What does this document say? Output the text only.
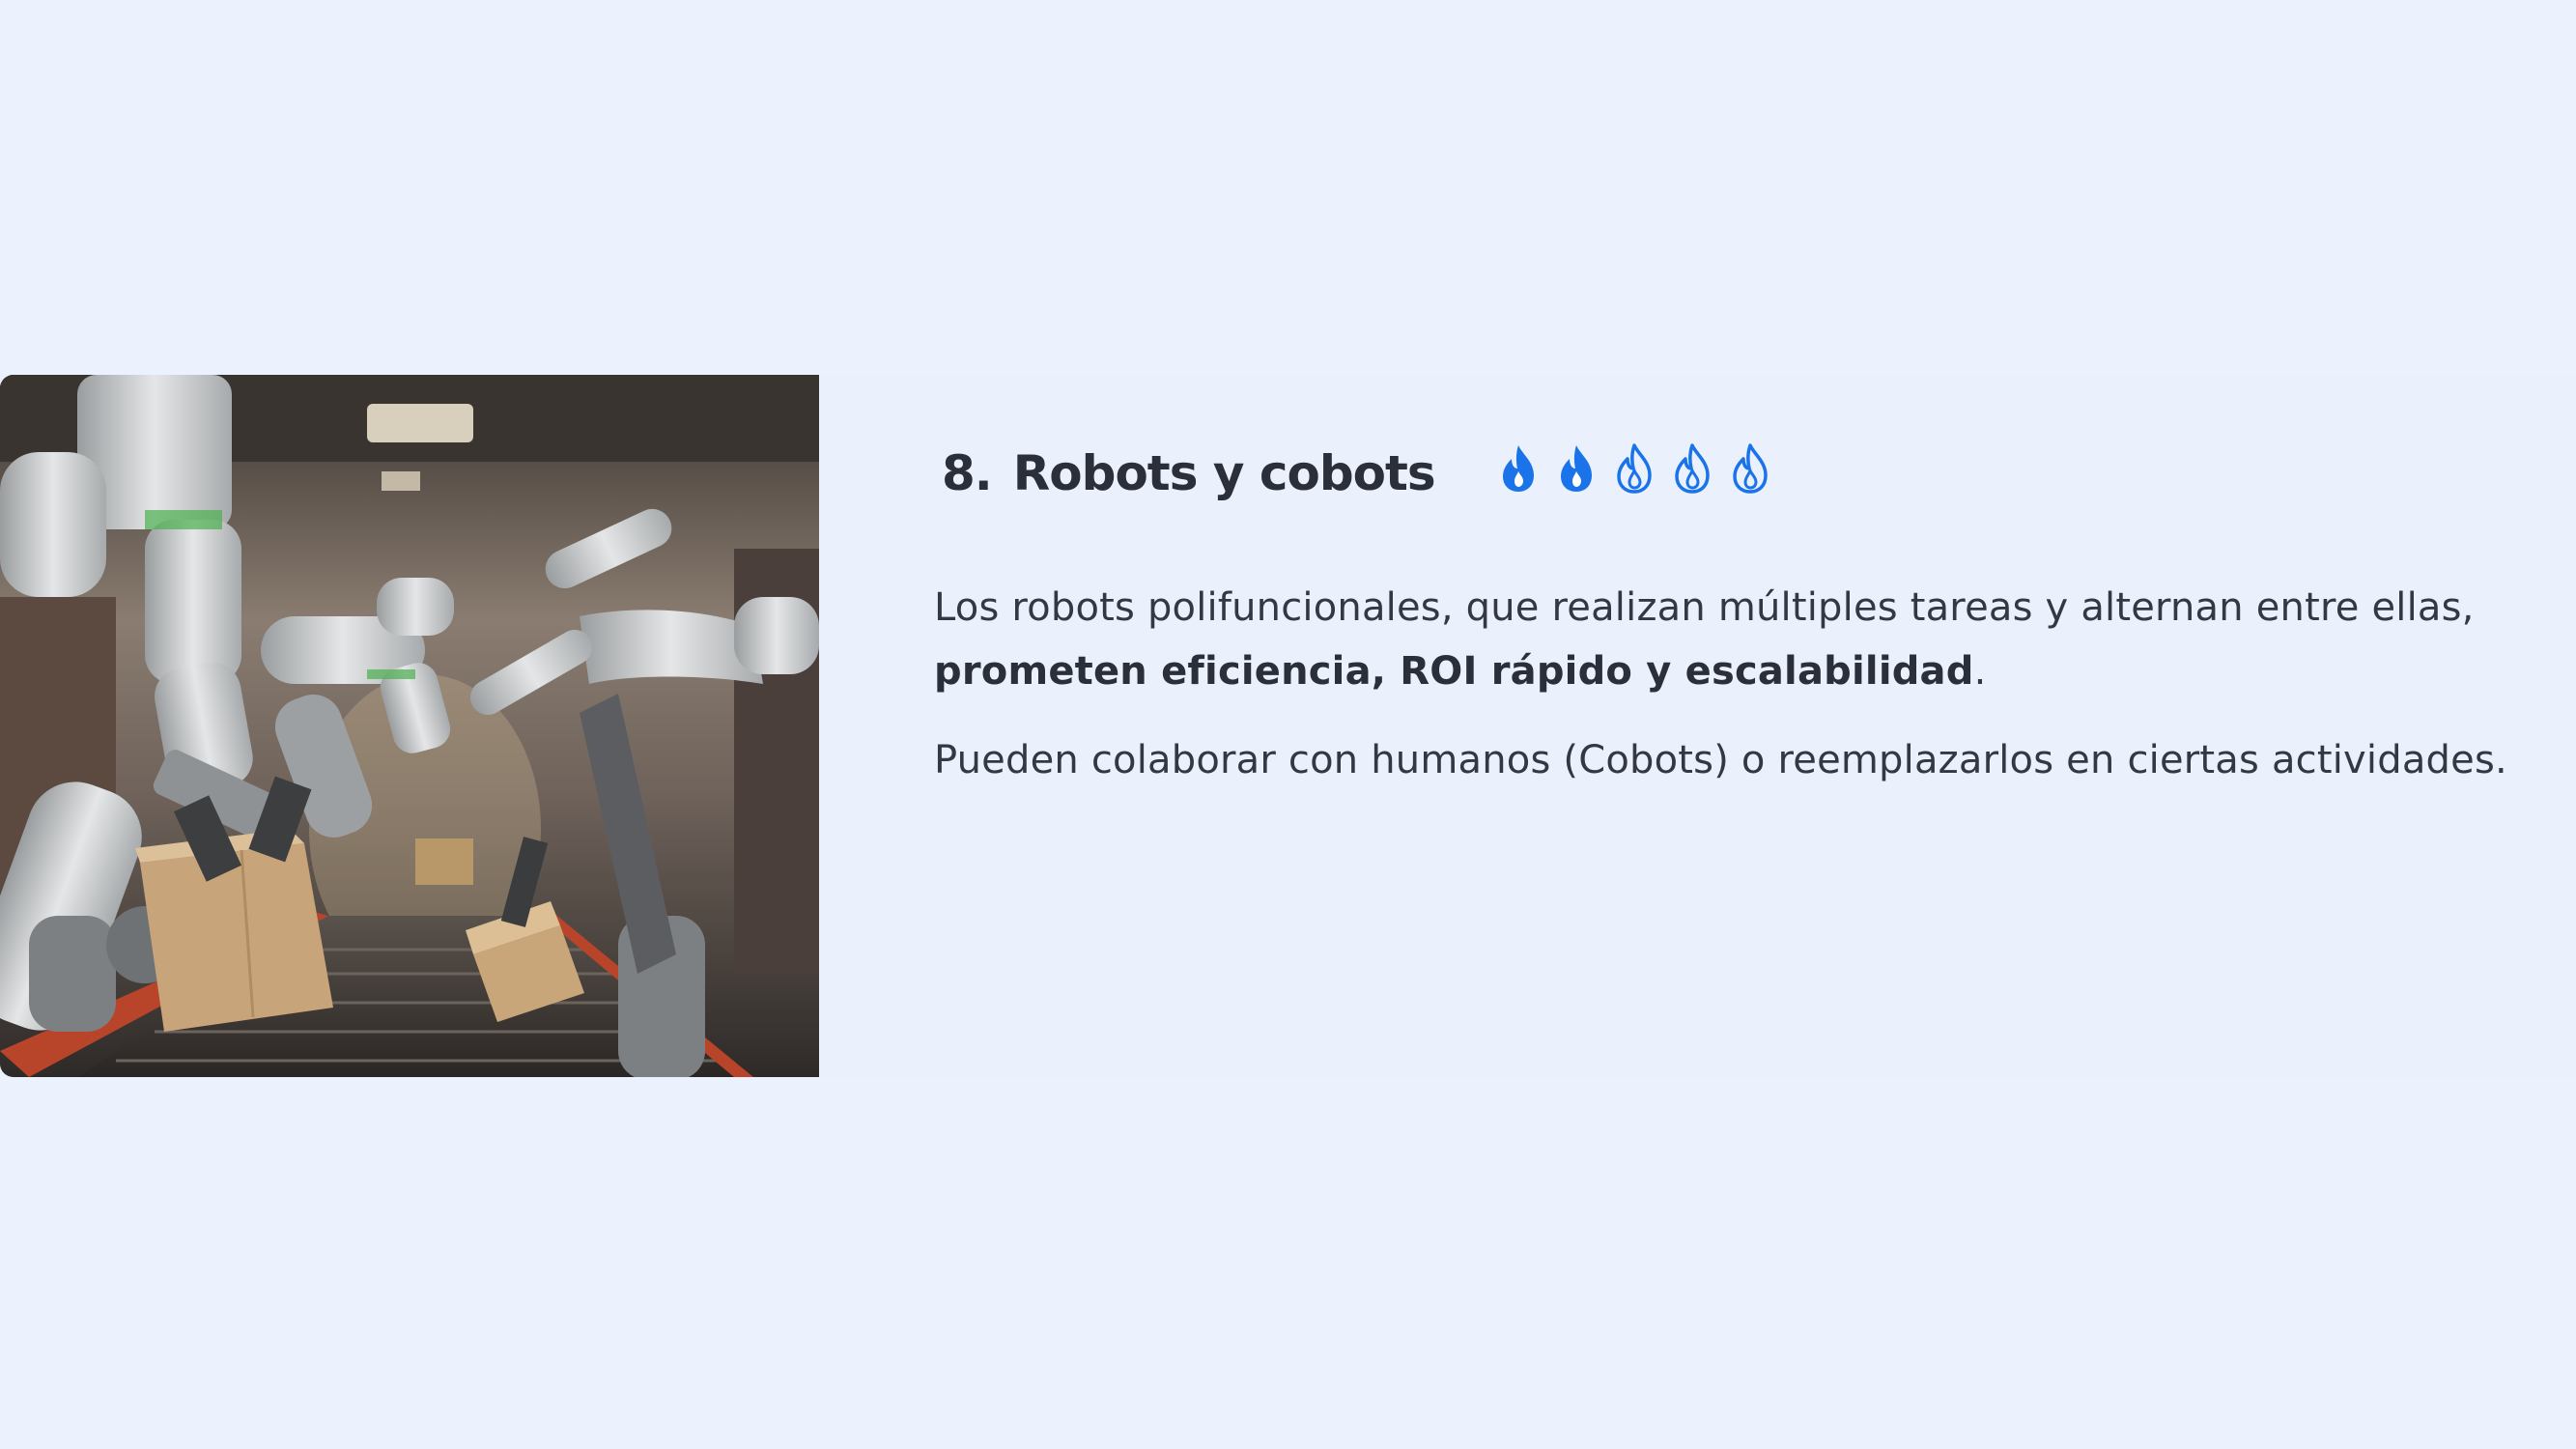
8. Robots y cobots

Los robots polifuncionales, que realizan múltiples tareas y alternan entre ellas,
prometen eficiencia, ROI rápido y escalabilidad.

Pueden colaborar con humanos (Cobots) o reemplazarlos en ciertas actividades.
